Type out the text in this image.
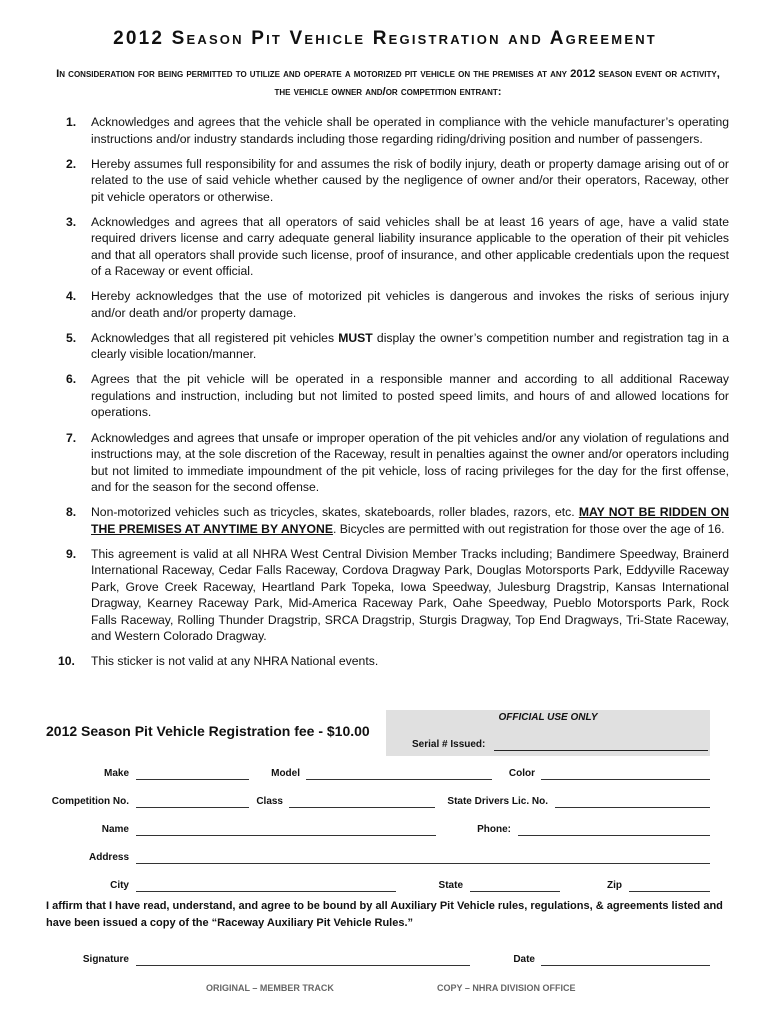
2012 Season Pit Vehicle Registration and Agreement

In consideration for being permitted to utilize and operate a motorized pit vehicle on the premises at any 2012 season event or activity, the vehicle owner and/or competition entrant:

1. Acknowledges and agrees that the vehicle shall be operated in compliance with the vehicle manufacturer’s operating instructions and/or industry standards including those regarding riding/driving position and number of passengers.
2. Hereby assumes full responsibility for and assumes the risk of bodily injury, death or property damage arising out of or related to the use of said vehicle whether caused by the negligence of owner and/or their operators, Raceway, other pit vehicle operators or otherwise.
3. Acknowledges and agrees that all operators of said vehicles shall be at least 16 years of age, have a valid state required drivers license and carry adequate general liability insurance applicable to the operation of their pit vehicles and that all operators shall provide such license, proof of insurance, and other applicable credentials upon the request of a Raceway or event official.
4. Hereby acknowledges that the use of motorized pit vehicles is dangerous and invokes the risks of serious injury and/or death and/or property damage.
5. Acknowledges that all registered pit vehicles MUST display the owner’s competition number and registration tag in a clearly visible location/manner.
6. Agrees that the pit vehicle will be operated in a responsible manner and according to all additional Raceway regulations and instruction, including but not limited to posted speed limits, and hours of and allowed locations for operations.
7. Acknowledges and agrees that unsafe or improper operation of the pit vehicles and/or any violation of regulations and instructions may, at the sole discretion of the Raceway, result in penalties against the owner and/or operators including but not limited to immediate impoundment of the pit vehicle, loss of racing privileges for the day for the first offense, and for the season for the second offense.
8. Non-motorized vehicles such as tricycles, skates, skateboards, roller blades, razors, etc. MAY NOT BE RIDDEN ON THE PREMISES AT ANYTIME BY ANYONE. Bicycles are permitted with out registration for those over the age of 16.
9. This agreement is valid at all NHRA West Central Division Member Tracks including; Bandimere Speedway, Brainerd International Raceway, Cedar Falls Raceway, Cordova Dragway Park, Douglas Motorsports Park, Eddyville Raceway Park, Grove Creek Raceway, Heartland Park Topeka, Iowa Speedway, Julesburg Dragstrip, Kansas International Dragway, Kearney Raceway Park, Mid-America Raceway Park, Oahe Speedway, Pueblo Motorsports Park, Rock Falls Raceway, Rolling Thunder Dragstrip, SRCA Dragstrip, Sturgis Dragway, Top End Dragways, Tri-State Raceway, and Western Colorado Dragway.
10. This sticker is not valid at any NHRA National events.
2012 Season Pit Vehicle Registration fee - $10.00
OFFICIAL USE ONLY
Serial # Issued:
Make	Model	Color
Competition No.	Class	State Drivers Lic. No.
Name	Phone:
Address
City	State	Zip

I affirm that I have read, understand, and agree to be bound by all Auxiliary Pit Vehicle rules, regulations, & agreements listed and have been issued a copy of the “Raceway Auxiliary Pit Vehicle Rules.”

Signature	Date
ORIGINAL – MEMBER TRACK	COPY – NHRA DIVISION OFFICE
